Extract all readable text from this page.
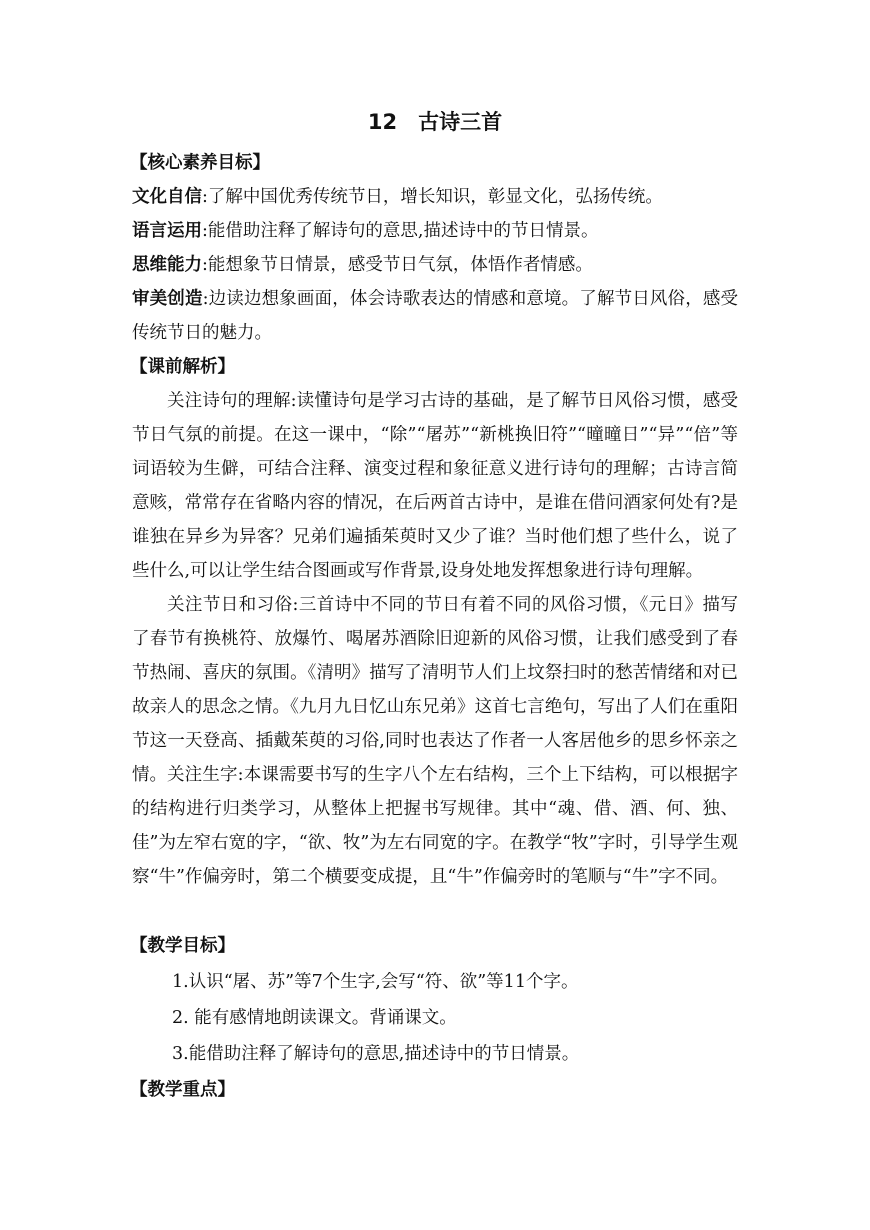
12　古诗三首
【核心素养目标】
文化自信:了解中国优秀传统节日，增长知识，彰显文化，弘扬传统。
语言运用:能借助注释了解诗句的意思,描述诗中的节日情景。
思维能力:能想象节日情景，感受节日气氛，体悟作者情感。
审美创造:边读边想象画面，体会诗歌表达的情感和意境。了解节日风俗，感受传统节日的魅力。
【课前解析】
关注诗句的理解:读懂诗句是学习古诗的基础，是了解节日风俗习惯，感受节日气氛的前提。在这一课中，“除”“屠苏”“新桃换旧符”“曈曈日”“异”“倍”等词语较为生僻，可结合注释、演变过程和象征意义进行诗句的理解；古诗言简意赅，常常存在省略内容的情况，在后两首古诗中，是谁在借问酒家何处有?是谁独在异乡为异客？兄弟们遍插茱萸时又少了谁？当时他们想了些什么，说了些什么,可以让学生结合图画或写作背景,设身处地发挥想象进行诗句理解。
关注节日和习俗:三首诗中不同的节日有着不同的风俗习惯，《元日》描写了春节有换桃符、放爆竹、喝屠苏酒除旧迎新的风俗习惯，让我们感受到了春节热闹、喜庆的氛围。《清明》描写了清明节人们上坟祭扫时的愁苦情绪和对已故亲人的思念之情。《九月九日忆山东兄弟》这首七言绝句，写出了人们在重阳节这一天登高、插戴茱萸的习俗,同时也表达了作者一人客居他乡的思乡怀亲之情。 关注生字:本课需要书写的生字八个左右结构，三个上下结构，可以根据字的结构进行归类学习，从整体上把握书写规律。其中“魂、借、酒、何、独、佳”为左窄右宽的字，“欲、牧”为左右同宽的字。在教学“牧”字时，引导学生观察“牛”作偏旁时，第二个横要变成提，且“牛”作偏旁时的笔顺与“牛”字不同。
【教学目标】
1.认识“屠、苏”等7个生字,会写“符、欲”等11个字。
2. 能有感情地朗读课文。背诵课文。
3.能借助注释了解诗句的意思,描述诗中的节日情景。
【教学重点】
